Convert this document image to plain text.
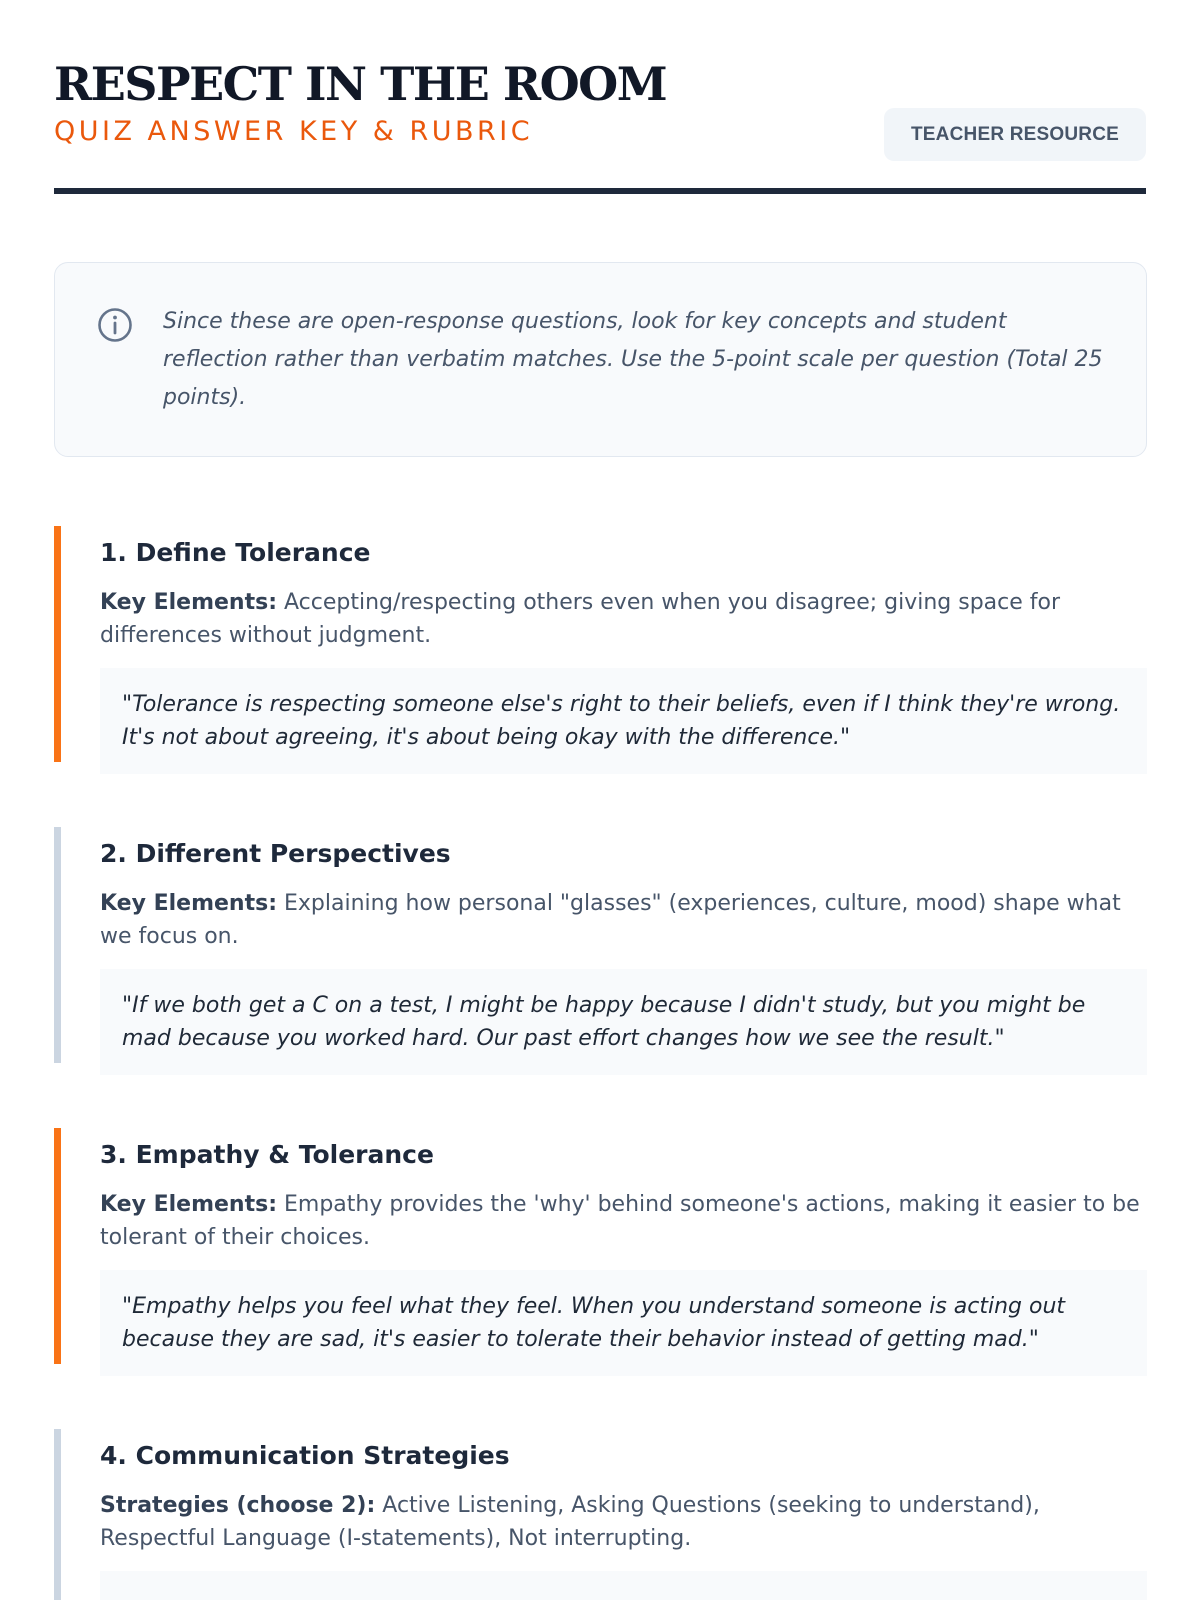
RESPECT IN THE ROOM
QUIZ ANSWER KEY & RUBRIC	TEACHER RESOURCE

Since these are open-response questions, look for key concepts and student reflection rather than verbatim matches. Use the 5-point scale per question (Total 25 points).

1. Define Tolerance

Key Elements: Accepting/respecting others even when you disagree; giving space for differences without judgment.

"Tolerance is respecting someone else's right to their beliefs, even if I think they're wrong. It's not about agreeing, it's about being okay with the difference."
2. Different Perspectives

Key Elements: Explaining how personal "glasses" (experiences, culture, mood) shape what we focus on.

"If we both get a C on a test, I might be happy because I didn't study, but you might be mad because you worked hard. Our past effort changes how we see the result."
3. Empathy & Tolerance

Key Elements: Empathy provides the 'why' behind someone's actions, making it easier to be tolerant of their choices.

"Empathy helps you feel what they feel. When you understand someone is acting out because they are sad, it's easier to tolerate their behavior instead of getting mad."
4. Communication Strategies

Strategies (choose 2): Active Listening, Asking Questions (seeking to understand), Respectful Language (I-statements), Not interrupting.
